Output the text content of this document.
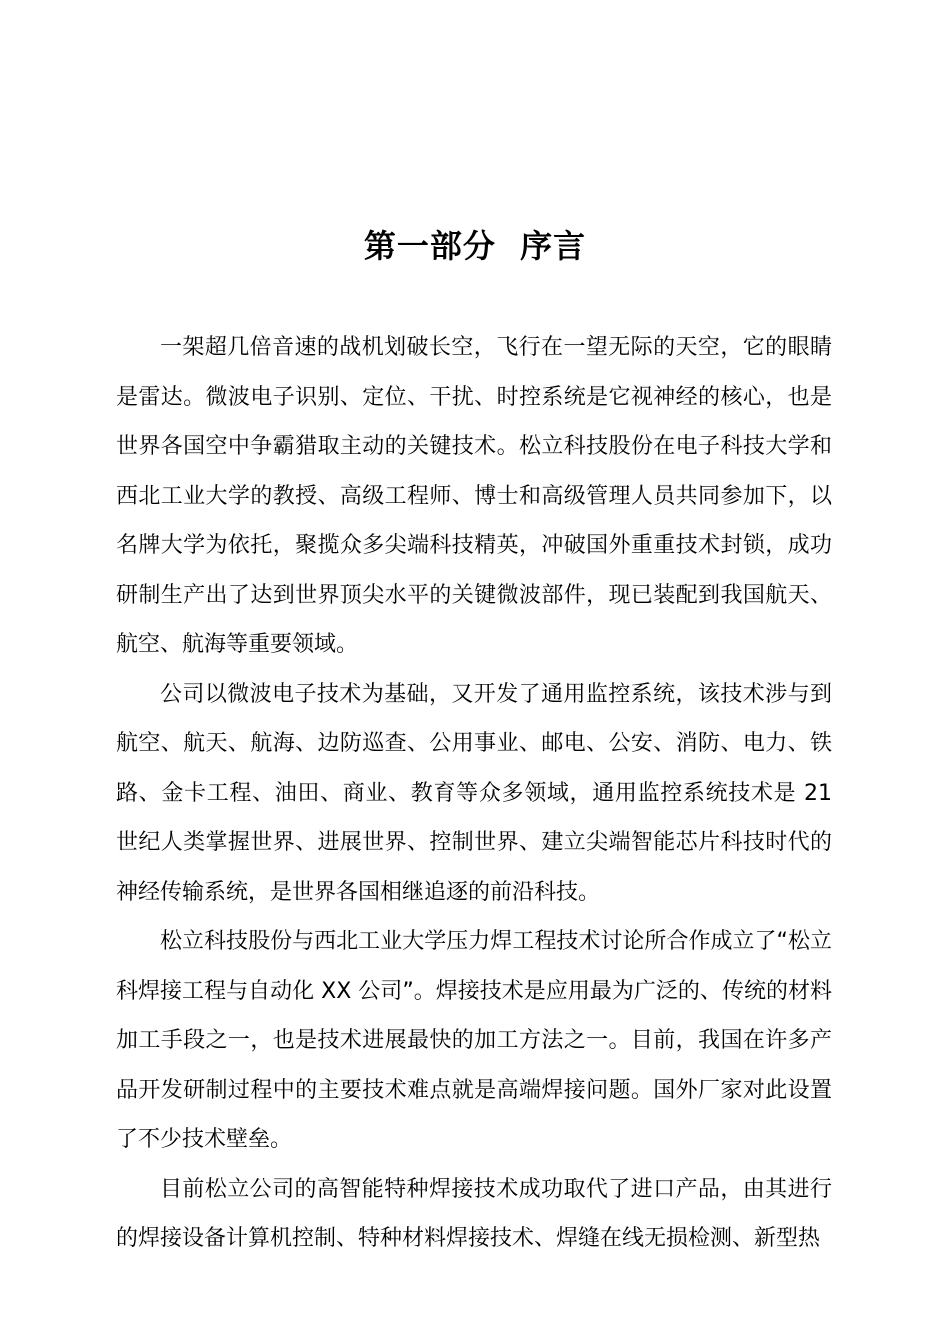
第一部分  序言

一架超几倍音速的战机划破长空，飞行在一望无际的天空，它的眼睛是雷达。微波电子识别、定位、干扰、时控系统是它视神经的核心，也是世界各国空中争霸猎取主动的关键技术。松立科技股份在电子科技大学和西北工业大学的教授、高级工程师、博士和高级管理人员共同参加下，以名牌大学为依托，聚揽众多尖端科技精英，冲破国外重重技术封锁，成功研制生产出了达到世界顶尖水平的关键微波部件，现已装配到我国航天、航空、航海等重要领域。

公司以微波电子技术为基础，又开发了通用监控系统，该技术涉与到航空、航天、航海、边防巡查、公用事业、邮电、公安、消防、电力、铁路、金卡工程、油田、商业、教育等众多领域，通用监控系统技术是 21 世纪人类掌握世界、进展世界、控制世界、建立尖端智能芯片科技时代的神经传输系统，是世界各国相继追逐的前沿科技。

松立科技股份与西北工业大学压力焊工程技术讨论所合作成立了“松立科焊接工程与自动化 XX 公司”。焊接技术是应用最为广泛的、传统的材料加工手段之一，也是技术进展最快的加工方法之一。目前，我国在许多产品开发研制过程中的主要技术难点就是高端焊接问题。国外厂家对此设置了不少技术壁垒。

目前松立公司的高智能特种焊接技术成功取代了进口产品，由其进行的焊接设备计算机控制、特种材料焊接技术、焊缝在线无损检测、新型热
